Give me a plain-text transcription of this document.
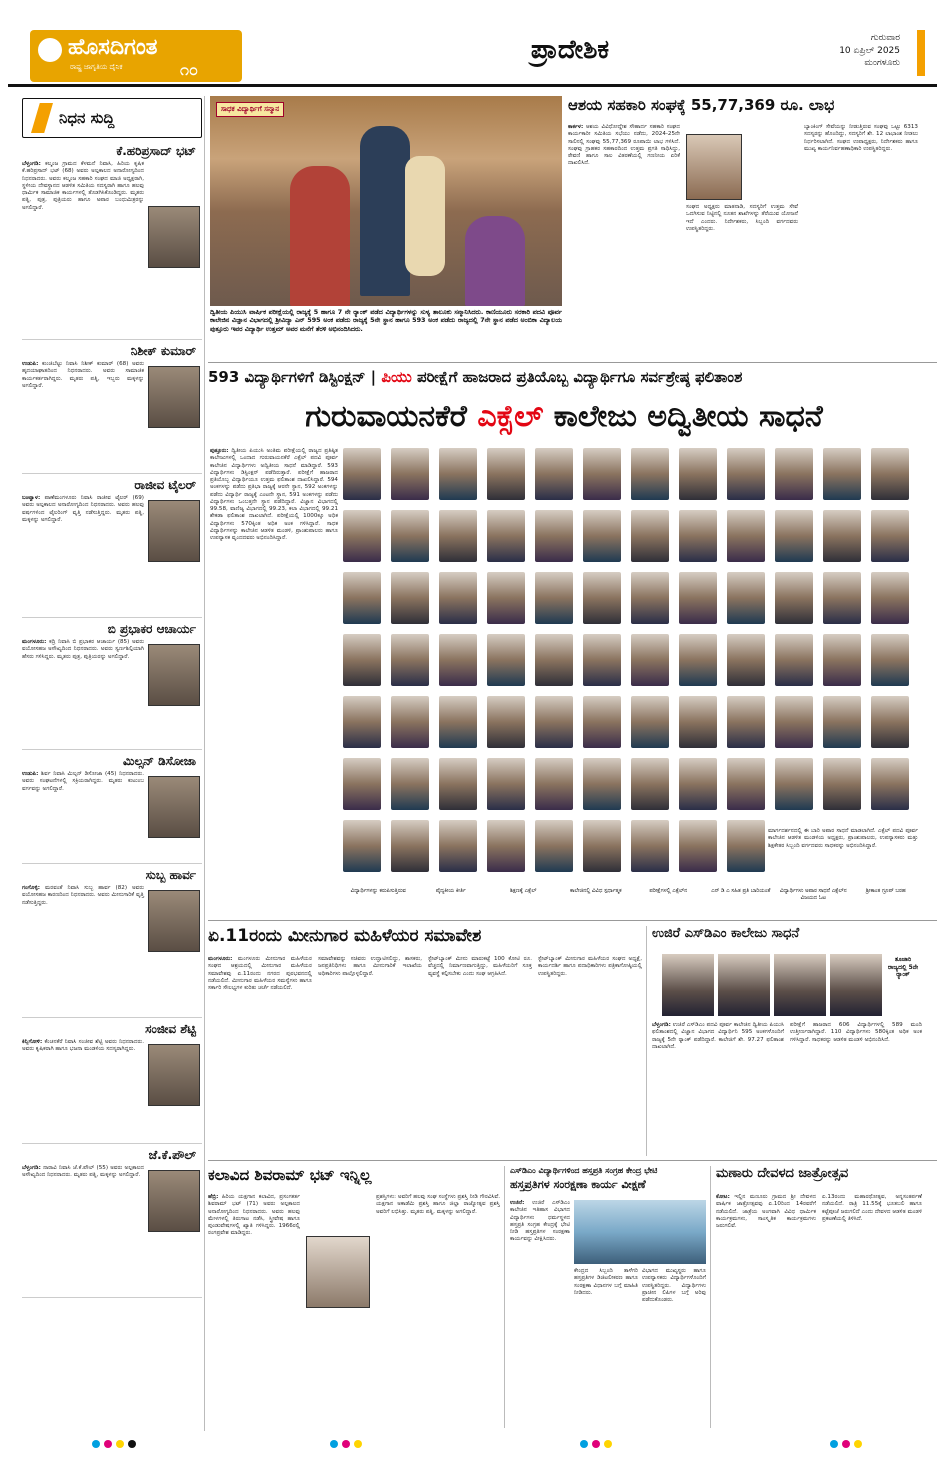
ಹೊಸದಿಗಂತ
ರಾಷ್ಟ್ರ ಜಾಗೃತಿಯ ದೈನಿಕ	೧೦
ಪ್ರಾದೇಶಿಕ	ಗುರುವಾರ
10 ಏಪ್ರಿಲ್ 2025
ಮಂಗಳೂರು
ನಿಧನ ಸುದ್ದಿ
ಕೆ.ಹರಿಪ್ರಸಾದ್ ಭಟ್
ಬೆಳ್ತಂಗಡಿ: ಕಲ್ಮಂಜ ಗ್ರಾಮದ ಕೆಳಮನೆ ನಿವಾಸಿ, ಹಿರಿಯ ಕೃಷಿಕ ಕೆ.ಹರಿಪ್ರಸಾದ್ ಭಟ್ (68) ಅವರು ಅಲ್ಪಕಾಲದ ಅನಾರೋಗ್ಯದಿಂದ ನಿಧನರಾದರು. ಅವರು ಕಲ್ಮಂಜ ಸಹಕಾರಿ ಸಂಘದ ಮಾಜಿ ಅಧ್ಯಕ್ಷರಾಗಿ, ಸ್ಥಳೀಯ ದೇವಸ್ಥಾನದ ಆಡಳಿತ ಸಮಿತಿಯ ಸದಸ್ಯರಾಗಿ ಹಾಗೂ ಹಲವು ಧಾರ್ಮಿಕ ಸಾಮಾಜಿಕ ಕಾರ್ಯಗಳಲ್ಲಿ ತೊಡಗಿಸಿಕೊಂಡಿದ್ದರು. ಮೃತರು ಪತ್ನಿ, ಪುತ್ರ, ಪುತ್ರಿಯರು ಹಾಗೂ ಅಪಾರ ಬಂಧುಮಿತ್ರರನ್ನು ಅಗಲಿದ್ದಾರೆ.
ನಿಶೀಕ್ ಕುಮಾರ್
ಉಡುಪಿ: ಕುಂಜಿಬೆಟ್ಟು ನಿವಾಸಿ ನಿಶೀಕ್ ಕುಮಾರ್ (68) ಅವರು ಹೃದಯಾಘಾತದಿಂದ ನಿಧನರಾದರು. ಅವರು ಸಾಮಾಜಿಕ ಕಾರ್ಯಕರ್ತರಾಗಿದ್ದರು. ಮೃತರು ಪತ್ನಿ, ಇಬ್ಬರು ಮಕ್ಕಳನ್ನು ಅಗಲಿದ್ದಾರೆ.
ರಾಜೀವ ಟೈಲರ್
ಬಂಟ್ವಾಳ: ಪಾಣೆಮಂಗಳೂರು ನಿವಾಸಿ ರಾಜೀವ ಟೈಲರ್ (69) ಅವರು ಅಲ್ಪಕಾಲದ ಅನಾರೋಗ್ಯದಿಂದ ನಿಧನರಾದರು. ಅವರು ಹಲವು ವರ್ಷಗಳಿಂದ ಟೈಲರಿಂಗ್ ವೃತ್ತಿ ನಡೆಸುತ್ತಿದ್ದರು. ಮೃತರು ಪತ್ನಿ, ಮಕ್ಕಳನ್ನು ಅಗಲಿದ್ದಾರೆ.
ಬಿ ಪ್ರಭಾಕರ ಆಚಾರ್ಯ
ಮಂಗಳೂರು: ಕದ್ರಿ ನಿವಾಸಿ ಬಿ ಪ್ರಭಾಕರ ಆಚಾರ್ಯ (85) ಅವರು ವಯೋಸಹಜ ಅಸೌಖ್ಯದಿಂದ ನಿಧನರಾದರು. ಅವರು ಸ್ವರ್ಣಶಿಲ್ಪಿಯಾಗಿ ಹೆಸರು ಗಳಿಸಿದ್ದರು. ಮೃತರು ಪುತ್ರ, ಪುತ್ರಿಯರನ್ನು ಅಗಲಿದ್ದಾರೆ.
ಮಿಲ್ಸನ್ ಡಿಸೋಜಾ
ಉಡುಪಿ: ಶಿರ್ವ ನಿವಾಸಿ ಮಿಲ್ಸನ್ ಡಿಸೋಜಾ (45) ನಿಧನರಾದರು. ಅವರು ಸಂಘಟನೆಗಳಲ್ಲಿ ಸಕ್ರಿಯರಾಗಿದ್ದರು. ಮೃತರು ಕುಟುಂಬ ವರ್ಗವನ್ನು ಅಗಲಿದ್ದಾರೆ.
ಸುಬ್ಬ ಹಾರ್ವ
ಗಂಗೊಳ್ಳಿ: ಮರವಂತೆ ನಿವಾಸಿ ಸುಬ್ಬ ಹಾರ್ವ (82) ಅವರು ವಯೋಸಹಜ ಕಾರಣದಿಂದ ನಿಧನರಾದರು. ಅವರು ಮೀನುಗಾರಿಕೆ ವೃತ್ತಿ ನಡೆಸುತ್ತಿದ್ದರು.
ಸಂಜೀವ ಶೆಟ್ಟಿ
ಕಿನ್ನಿಗೋಳಿ: ಕೆಂಚನಕೆರೆ ನಿವಾಸಿ ಸಂಜೀವ ಶೆಟ್ಟಿ ಅವರು ನಿಧನರಾದರು. ಅವರು ಕೃಷಿಕರಾಗಿ ಹಾಗೂ ಭಜನಾ ಮಂಡಳಿಯ ಸದಸ್ಯರಾಗಿದ್ದರು.
ಜೆ.ಕೆ.ಪೌಲ್
ಬೆಳ್ತಂಗಡಿ: ನಾರಾವಿ ನಿವಾಸಿ ಜೆ.ಕೆ.ಪೌಲ್ (55) ಅವರು ಅಲ್ಪಕಾಲದ ಅಸೌಖ್ಯದಿಂದ ನಿಧನರಾದರು. ಮೃತರು ಪತ್ನಿ, ಮಕ್ಕಳನ್ನು ಅಗಲಿದ್ದಾರೆ.
ಸಾಧಕ ವಿದ್ಯಾರ್ಥಿಗೆ ಸನ್ಮಾನ
ದ್ವಿತೀಯ ಪಿಯುಸಿ ವಾರ್ಷಿಕ ಪರೀಕ್ಷೆಯಲ್ಲಿ ರಾಜ್ಯಕ್ಕೆ 5 ಹಾಗೂ 7 ನೇ ರ‍್ಯಾಂಕ್ ಪಡೆದ ವಿದ್ಯಾರ್ಥಿಗಳನ್ನು ಸುಳ್ಯ ತಾಲೂಕು ಸನ್ಮಾನಿಸಿದರು. ಕಾಣಿಯೂರು ಸರಕಾರಿ ಪದವಿ ಪೂರ್ವ ಕಾಲೇಜಿನ ವಿಜ್ಞಾನ ವಿಭಾಗದಲ್ಲಿ ಶ್ರೀವಿದ್ಯಾ ಎನ್ 595 ಅಂಕ ಪಡೆದು ರಾಜ್ಯಕ್ಕೆ 5ನೇ ಸ್ಥಾನ ಹಾಗೂ 593 ಅಂಕ ಪಡೆದು ರಾಜ್ಯದಲ್ಲಿ 7ನೇ ಸ್ಥಾನ ಪಡೆದ ಅಂಬಿಕಾ ವಿದ್ಯಾಲಯ ಪುತ್ತೂರು ಇವರ ವಿದ್ಯಾರ್ಥಿ ಉತ್ತಮ್ ಅವರ ಮನೆಗೆ ತೆರಳಿ ಅಭಿನಂದಿಸಿದರು.
ಆಶಯ ಸಹಕಾರಿ ಸಂಘಕ್ಕೆ 55,77,369 ರೂ. ಲಾಭ
ಕಾರ್ಕಳ: ಆಶಯ ವಿವಿಧೋದ್ದೇಶ ಸೌಹಾರ್ದ ಸಹಕಾರಿ ಸಂಘದ ಕಾರ್ಯಕಾರೀ ಸಮಿತಿಯ ಸಭೆಯು ನಡೆದು, 2024-25ನೇ ಸಾಲಿನಲ್ಲಿ ಸಂಘವು 55,77,369 ರೂಪಾಯಿ ಲಾಭ ಗಳಿಸಿದೆ. ಸಂಘವು ಗ್ರಾಹಕರ ಸಹಕಾರದಿಂದ ಉತ್ತಮ ಪ್ರಗತಿ ಸಾಧಿಸಿದ್ದು, ಠೇವಣಿ ಹಾಗೂ ಸಾಲ ವಿತರಣೆಯಲ್ಲಿ ಗಣನೀಯ ಏರಿಕೆ ದಾಖಲಿಸಿದೆ.
ಸಂಘದ ಅಧ್ಯಕ್ಷರು ಮಾತನಾಡಿ, ಸದಸ್ಯರಿಗೆ ಉತ್ತಮ ಸೇವೆ ಒದಗಿಸುವ ನಿಟ್ಟಿನಲ್ಲಿ ನೂತನ ಶಾಖೆಗಳನ್ನು ತೆರೆಯುವ ಯೋಜನೆ ಇದೆ ಎಂದರು. ನಿರ್ದೇಶಕರು, ಸಿಬ್ಬಂದಿ ವರ್ಗದವರು ಉಪಸ್ಥಿತರಿದ್ದರು.
ಬ್ಯಾಂಕಿಂಗ್ ಸೇವೆಯನ್ನು ನೀಡುತ್ತಿರುವ ಸಂಘವು ಒಟ್ಟು 6313 ಸದಸ್ಯರನ್ನು ಹೊಂದಿದ್ದು, ಸದಸ್ಯರಿಗೆ ಶೇ. 12 ಲಾಭಾಂಶ ನೀಡಲು ನಿರ್ಧರಿಸಲಾಗಿದೆ. ಸಂಘದ ಉಪಾಧ್ಯಕ್ಷರು, ನಿರ್ದೇಶಕರು ಹಾಗೂ ಮುಖ್ಯ ಕಾರ್ಯನಿರ್ವಹಣಾಧಿಕಾರಿ ಉಪಸ್ಥಿತರಿದ್ದರು.
593 ವಿದ್ಯಾರ್ಥಿಗಳಿಗೆ ಡಿಸ್ಟಿಂಕ್ಷನ್ | ಪಿಯು ಪರೀಕ್ಷೆಗೆ ಹಾಜರಾದ ಪ್ರತಿಯೊಬ್ಬ ವಿದ್ಯಾರ್ಥಿಗೂ ಸರ್ವಶ್ರೇಷ್ಠ ಫಲಿತಾಂಶ
ಗುರುವಾಯನಕೆರೆ ಎಕ್ಸೆಲ್ ಕಾಲೇಜು ಅದ್ವಿತೀಯ ಸಾಧನೆ
ಪುತ್ತೂರು: ದ್ವಿತೀಯ ಪಿಯುಸಿ ಅಂತಿಮ ಪರೀಕ್ಷೆಯಲ್ಲಿ ರಾಜ್ಯದ ಪ್ರತಿಷ್ಠಿತ ಕಾಲೇಜುಗಳಲ್ಲಿ ಒಂದಾದ ಗುರುವಾಯನಕೆರೆ ಎಕ್ಸೆಲ್ ಪದವಿ ಪೂರ್ವ ಕಾಲೇಜಿನ ವಿದ್ಯಾರ್ಥಿಗಳು ಅದ್ವಿತೀಯ ಸಾಧನೆ ಮಾಡಿದ್ದಾರೆ. 593 ವಿದ್ಯಾರ್ಥಿಗಳು ಡಿಸ್ಟಿಂಕ್ಷನ್ ಪಡೆದಿರುತ್ತಾರೆ. ಪರೀಕ್ಷೆಗೆ ಹಾಜರಾದ ಪ್ರತಿಯೊಬ್ಬ ವಿದ್ಯಾರ್ಥಿಯೂ ಉತ್ತಮ ಫಲಿತಾಂಶ ದಾಖಲಿಸಿದ್ದಾರೆ. 594 ಅಂಕಗಳನ್ನು ಪಡೆದು ಪ್ರತಿಭಾ ರಾಜ್ಯಕ್ಕೆ ಆರನೇ ಸ್ಥಾನ, 592 ಅಂಕಗಳನ್ನು ಪಡೆದು ವಿದ್ಯಾರ್ಥಿ ರಾಜ್ಯಕ್ಕೆ ಎಂಟನೇ ಸ್ಥಾನ, 591 ಅಂಕಗಳನ್ನು ಪಡೆದು ವಿದ್ಯಾರ್ಥಿಗಳು ಒಂಬತ್ತನೇ ಸ್ಥಾನ ಪಡೆದಿದ್ದಾರೆ. ವಿಜ್ಞಾನ ವಿಭಾಗದಲ್ಲಿ 99.58, ವಾಣಿಜ್ಯ ವಿಭಾಗದಲ್ಲಿ 99.23, ಕಲಾ ವಿಭಾಗದಲ್ಲಿ 99.21 ಶೇಕಡಾ ಫಲಿತಾಂಶ ದಾಖಲಾಗಿದೆ. ಪರೀಕ್ಷೆಯಲ್ಲಿ 1000ಕ್ಕೂ ಅಧಿಕ ವಿದ್ಯಾರ್ಥಿಗಳು 570ಕ್ಕಿಂತ ಅಧಿಕ ಅಂಕ ಗಳಿಸಿದ್ದಾರೆ. ಸಾಧಕ ವಿದ್ಯಾರ್ಥಿಗಳನ್ನು ಕಾಲೇಜಿನ ಆಡಳಿತ ಮಂಡಳಿ, ಪ್ರಾಂಶುಪಾಲರು ಹಾಗೂ ಉಪನ್ಯಾಸಕ ವೃಂದದವರು ಅಭಿನಂದಿಸಿದ್ದಾರೆ.
ಮಾರ್ಗದರ್ಶನದಲ್ಲಿ ಈ ಬಾರಿ ಅಪಾರ ಸಾಧನೆ ಮಾಡಲಾಗಿದೆ. ಎಕ್ಸೆಲ್ ಪದವಿ ಪೂರ್ವ ಕಾಲೇಜಿನ ಆಡಳಿತ ಮಂಡಳಿಯ ಅಧ್ಯಕ್ಷರು, ಪ್ರಾಂಶುಪಾಲರು, ಉಪನ್ಯಾಸಕರು ಮತ್ತು ಶಿಕ್ಷಕೇತರ ಸಿಬ್ಬಂದಿ ವರ್ಗದವರು ಸಾಧಕರನ್ನು ಅಭಿನಂದಿಸಿದ್ದಾರೆ.
ವಿದ್ಯಾರ್ಥಿಗಳನ್ನು ಕರುಪಿಸುತ್ತಿರುವ	ಪೈದ್ಯಕೀಯ ಕೀರ್ತಿ	ಶಿಕ್ಷಣಕ್ಕೆ ಎಕ್ಸೆಲ್	ಕಾಲೇಜಿನಲ್ಲಿ ವಿವಿಧ ಸ್ಪರ್ಧಾತ್ಮಕ	ಪರೀಕ್ಷೆಗಳಲ್ಲಿ ಎಕ್ಸೆಲ್‌ನ	ಎನ್ ಡಿ ಎ ಸಹಿತ ಪ್ರತಿ ಬಾರಿಯಂತೆ	ವಿದ್ಯಾರ್ಥಿಗಳು ಅಪಾರ ಸಾಧನೆ ಎಕ್ಸೆಲ್‌ನ ವಿಜಯದ ಓಟ
ಶ್ರೀಕಾಂತ ಗ್ರೂಪ್‌ ಬರಹ
ಏ.11ರಂದು ಮೀನುಗಾರ ಮಹಿಳೆಯರ ಸಮಾವೇಶ
ಮಂಗಳೂರು: ಮಂಗಳೂರು ಮೀನುಗಾರ ಮಹಿಳೆಯರ ಸಂಘದ ಆಶ್ರಯದಲ್ಲಿ ಮೀನುಗಾರ ಮಹಿಳೆಯರ ಸಮಾವೇಶವು ಏ.11ರಂದು ನಗರದ ಪುರಭವನದಲ್ಲಿ ನಡೆಯಲಿದೆ. ಮೀನುಗಾರ ಮಹಿಳೆಯರ ಸಮಸ್ಯೆಗಳು ಹಾಗೂ ಸರ್ಕಾರಿ ಸೌಲಭ್ಯಗಳ ಕುರಿತು ಚರ್ಚೆ ನಡೆಯಲಿದೆ.
ಸಮಾವೇಶವನ್ನು ಸಚಿವರು ಉದ್ಘಾಟಿಸಲಿದ್ದು, ಶಾಸಕರು, ಜನಪ್ರತಿನಿಧಿಗಳು ಹಾಗೂ ಮೀನುಗಾರಿಕೆ ಇಲಾಖೆಯ ಅಧಿಕಾರಿಗಳು ಪಾಲ್ಗೊಳ್ಳಲಿದ್ದಾರೆ.
ಸ್ಟೇಟ್‌ಬ್ಯಾಂಕ್ ಮೀನು ಮಾರುಕಟ್ಟೆ 100 ಕೋಟಿ ರೂ. ವೆಚ್ಚದಲ್ಲಿ ನಿರ್ಮಾಣವಾಗುತ್ತಿದ್ದು, ಮಹಿಳೆಯರಿಗೆ ಸೂಕ್ತ ವ್ಯವಸ್ಥೆ ಕಲ್ಪಿಸಬೇಕು ಎಂದು ಸಂಘ ಆಗ್ರಹಿಸಿದೆ.
ಸ್ಟೇಟ್‌ಬ್ಯಾಂಕ್ ಮೀನುಗಾರ ಮಹಿಳೆಯರ ಸಂಘದ ಅಧ್ಯಕ್ಷೆ, ಕಾರ್ಯದರ್ಶಿ ಹಾಗೂ ಪದಾಧಿಕಾರಿಗಳು ಪತ್ರಿಕಾಗೋಷ್ಠಿಯಲ್ಲಿ ಉಪಸ್ಥಿತರಿದ್ದರು.
ಉಜಿರೆ ಎಸ್‌ಡಿಎಂ ಕಾಲೇಜು ಸಾಧನೆ
ತೂಜಾರಿ ರಾಜ್ಯದಲ್ಲಿ 5ನೇ ರ‍್ಯಾಂಕ್
ಬೆಳ್ತಂಗಡಿ: ಉಜಿರೆ ಎಸ್‌ಡಿಎಂ ಪದವಿ ಪೂರ್ವ ಕಾಲೇಜಿನ ದ್ವಿತೀಯ ಪಿಯುಸಿ ಫಲಿತಾಂಶದಲ್ಲಿ ವಿಜ್ಞಾನ ವಿಭಾಗದ ವಿದ್ಯಾರ್ಥಿನಿ 595 ಅಂಕಗಳೊಂದಿಗೆ ರಾಜ್ಯಕ್ಕೆ 5ನೇ ರ‍್ಯಾಂಕ್ ಪಡೆದಿದ್ದಾರೆ. ಕಾಲೇಜಿಗೆ ಶೇ. 97.27 ಫಲಿತಾಂಶ ದಾಖಲಾಗಿದೆ.
ಪರೀಕ್ಷೆಗೆ ಹಾಜರಾದ 606 ವಿದ್ಯಾರ್ಥಿಗಳಲ್ಲಿ 589 ಮಂದಿ ಉತ್ತೀರ್ಣರಾಗಿದ್ದಾರೆ. 110 ವಿದ್ಯಾರ್ಥಿಗಳು 580ಕ್ಕಿಂತ ಅಧಿಕ ಅಂಕ ಗಳಿಸಿದ್ದಾರೆ. ಸಾಧಕರನ್ನು ಆಡಳಿತ ಮಂಡಳಿ ಅಭಿನಂದಿಸಿದೆ.
ಕಲಾವಿದ ಶಿವರಾಮ್ ಭಟ್ ಇನ್ನಿಲ್ಲ
ಹೆಬ್ರಿ: ಹಿರಿಯ ಯಕ್ಷಗಾನ ಕಲಾವಿದ, ಪ್ರಸಂಗಕರ್ತ ಶಿವರಾಮ್ ಭಟ್ (71) ಅವರು ಅಲ್ಪಕಾಲದ ಅನಾರೋಗ್ಯದಿಂದ ನಿಧನರಾದರು. ಅವರು ಹಲವು ಮೇಳಗಳಲ್ಲಿ ತಿರುಗಾಟ ನಡೆಸಿ, ಸ್ತ್ರೀವೇಷ ಹಾಗೂ ಪುಂಡುವೇಷಗಳಲ್ಲಿ ಖ್ಯಾತಿ ಗಳಿಸಿದ್ದರು. 1966ರಲ್ಲಿ ರಂಗಪ್ರವೇಶ ಮಾಡಿದ್ದರು.
ಪ್ರಶಸ್ತಿಗಳು: ಅವರಿಗೆ ಹಲವು ಸಂಘ ಸಂಸ್ಥೆಗಳು ಪ್ರಶಸ್ತಿ ನೀಡಿ ಗೌರವಿಸಿವೆ. ಯಕ್ಷಗಾನ ಅಕಾಡೆಮಿ ಪ್ರಶಸ್ತಿ ಹಾಗೂ ಜಿಲ್ಲಾ ರಾಜ್ಯೋತ್ಸವ ಪ್ರಶಸ್ತಿ ಅವರಿಗೆ ಲಭಿಸಿತ್ತು. ಮೃತರು ಪತ್ನಿ, ಮಕ್ಕಳನ್ನು ಅಗಲಿದ್ದಾರೆ.
ಎಸ್‌ಡಿಎಂ ವಿದ್ಯಾರ್ಥಿಗಳಿಂದ ಹಸ್ತಪ್ರತಿ ಸಂಗ್ರಹ ಕೇಂದ್ರ ಭೇಟಿ
ಹಸ್ತಪ್ರತಿಗಳ ಸಂರಕ್ಷಣಾ ಕಾರ್ಯ ವೀಕ್ಷಣೆ
ಉಜಿರೆ: ಉಜಿರೆ ಎಸ್‌ಡಿಎಂ ಕಾಲೇಜಿನ ಇತಿಹಾಸ ವಿಭಾಗದ ವಿದ್ಯಾರ್ಥಿಗಳು ಧರ್ಮಸ್ಥಳದ ಹಸ್ತಪ್ರತಿ ಸಂಗ್ರಹ ಕೇಂದ್ರಕ್ಕೆ ಭೇಟಿ ನೀಡಿ ಹಸ್ತಪ್ರತಿಗಳ ಸಂರಕ್ಷಣಾ ಕಾರ್ಯವನ್ನು ವೀಕ್ಷಿಸಿದರು.
ಕೇಂದ್ರದ ಸಿಬ್ಬಂದಿ ತಾಳೆಗರಿ ಹಸ್ತಪ್ರತಿಗಳ ಡಿಜಿಟಲೀಕರಣ ಹಾಗೂ ಸಂರಕ್ಷಣಾ ವಿಧಾನಗಳ ಬಗ್ಗೆ ಮಾಹಿತಿ ನೀಡಿದರು.
ವಿಭಾಗದ ಮುಖ್ಯಸ್ಥರು ಹಾಗೂ ಉಪನ್ಯಾಸಕರು ವಿದ್ಯಾರ್ಥಿಗಳೊಂದಿಗೆ ಉಪಸ್ಥಿತರಿದ್ದರು. ವಿದ್ಯಾರ್ಥಿಗಳು ಪ್ರಾಚೀನ ಲಿಪಿಗಳ ಬಗ್ಗೆ ಅರಿವು ಪಡೆದುಕೊಂಡರು.
ಮಣಾರು ದೇವಳದ ಜಾತ್ರೋತ್ಸವ
ಕೋಟ: ಇಲ್ಲಿನ ಮಣೂರು ಗ್ರಾಮದ ಶ್ರೀ ದೇವಳದ ವಾರ್ಷಿಕ ಜಾತ್ರೋತ್ಸವವು ಏ.10ರಿಂದ 14ರವರೆಗೆ ನಡೆಯಲಿದೆ. ಜಾತ್ರೆಯ ಅಂಗವಾಗಿ ವಿವಿಧ ಧಾರ್ಮಿಕ ಕಾರ್ಯಕ್ರಮಗಳು, ಸಾಂಸ್ಕೃತಿಕ ಕಾರ್ಯಕ್ರಮಗಳು ಜರುಗಲಿವೆ.
ಏ.13ರಂದು ಮಹಾರಥೋತ್ಸವ, ಅನ್ನಸಂತರ್ಪಣೆ ನಡೆಯಲಿದೆ. ರಾತ್ರಿ 11.55ಕ್ಕೆ ಭೂತಬಲಿ ಹಾಗೂ ಕಟ್ಟೆಪೂಜೆ ಜರುಗಲಿದೆ ಎಂದು ದೇವಳದ ಆಡಳಿತ ಮಂಡಳಿ ಪ್ರಕಟಣೆಯಲ್ಲಿ ತಿಳಿಸಿದೆ.
